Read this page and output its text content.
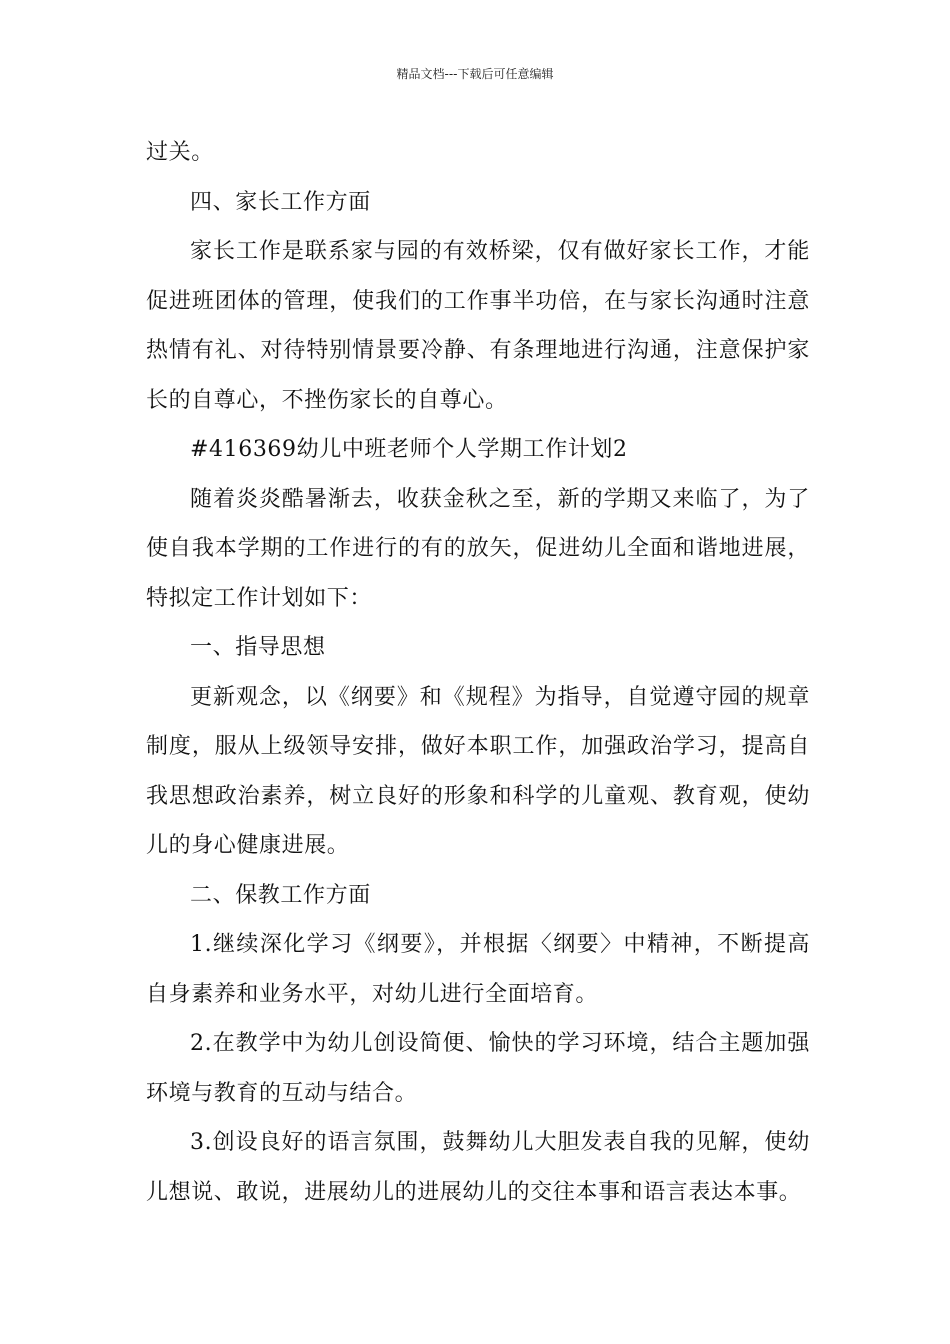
精品文档---下载后可任意编辑

过关。

四、家长工作方面

家长工作是联系家与园的有效桥梁，仅有做好家长工作，才能促进班团体的管理，使我们的工作事半功倍，在与家长沟通时注意热情有礼、对待特别情景要冷静、有条理地进行沟通，注意保护家长的自尊心，不挫伤家长的自尊心。

#416369幼儿中班老师个人学期工作计划2

随着炎炎酷暑渐去，收获金秋之至，新的学期又来临了，为了使自我本学期的工作进行的有的放矢，促进幼儿全面和谐地进展，特拟定工作计划如下：

一、指导思想

更新观念，以《纲要》和《规程》为指导，自觉遵守园的规章制度，服从上级领导安排，做好本职工作，加强政治学习，提高自我思想政治素养，树立良好的形象和科学的儿童观、教育观，使幼儿的身心健康进展。

二、保教工作方面

1.继续深化学习《纲要》，并根据〈纲要〉中精神，不断提高自身素养和业务水平，对幼儿进行全面培育。

2.在教学中为幼儿创设简便、愉快的学习环境，结合主题加强环境与教育的互动与结合。

3.创设良好的语言氛围，鼓舞幼儿大胆发表自我的见解，使幼儿想说、敢说，进展幼儿的进展幼儿的交往本事和语言表达本事。
